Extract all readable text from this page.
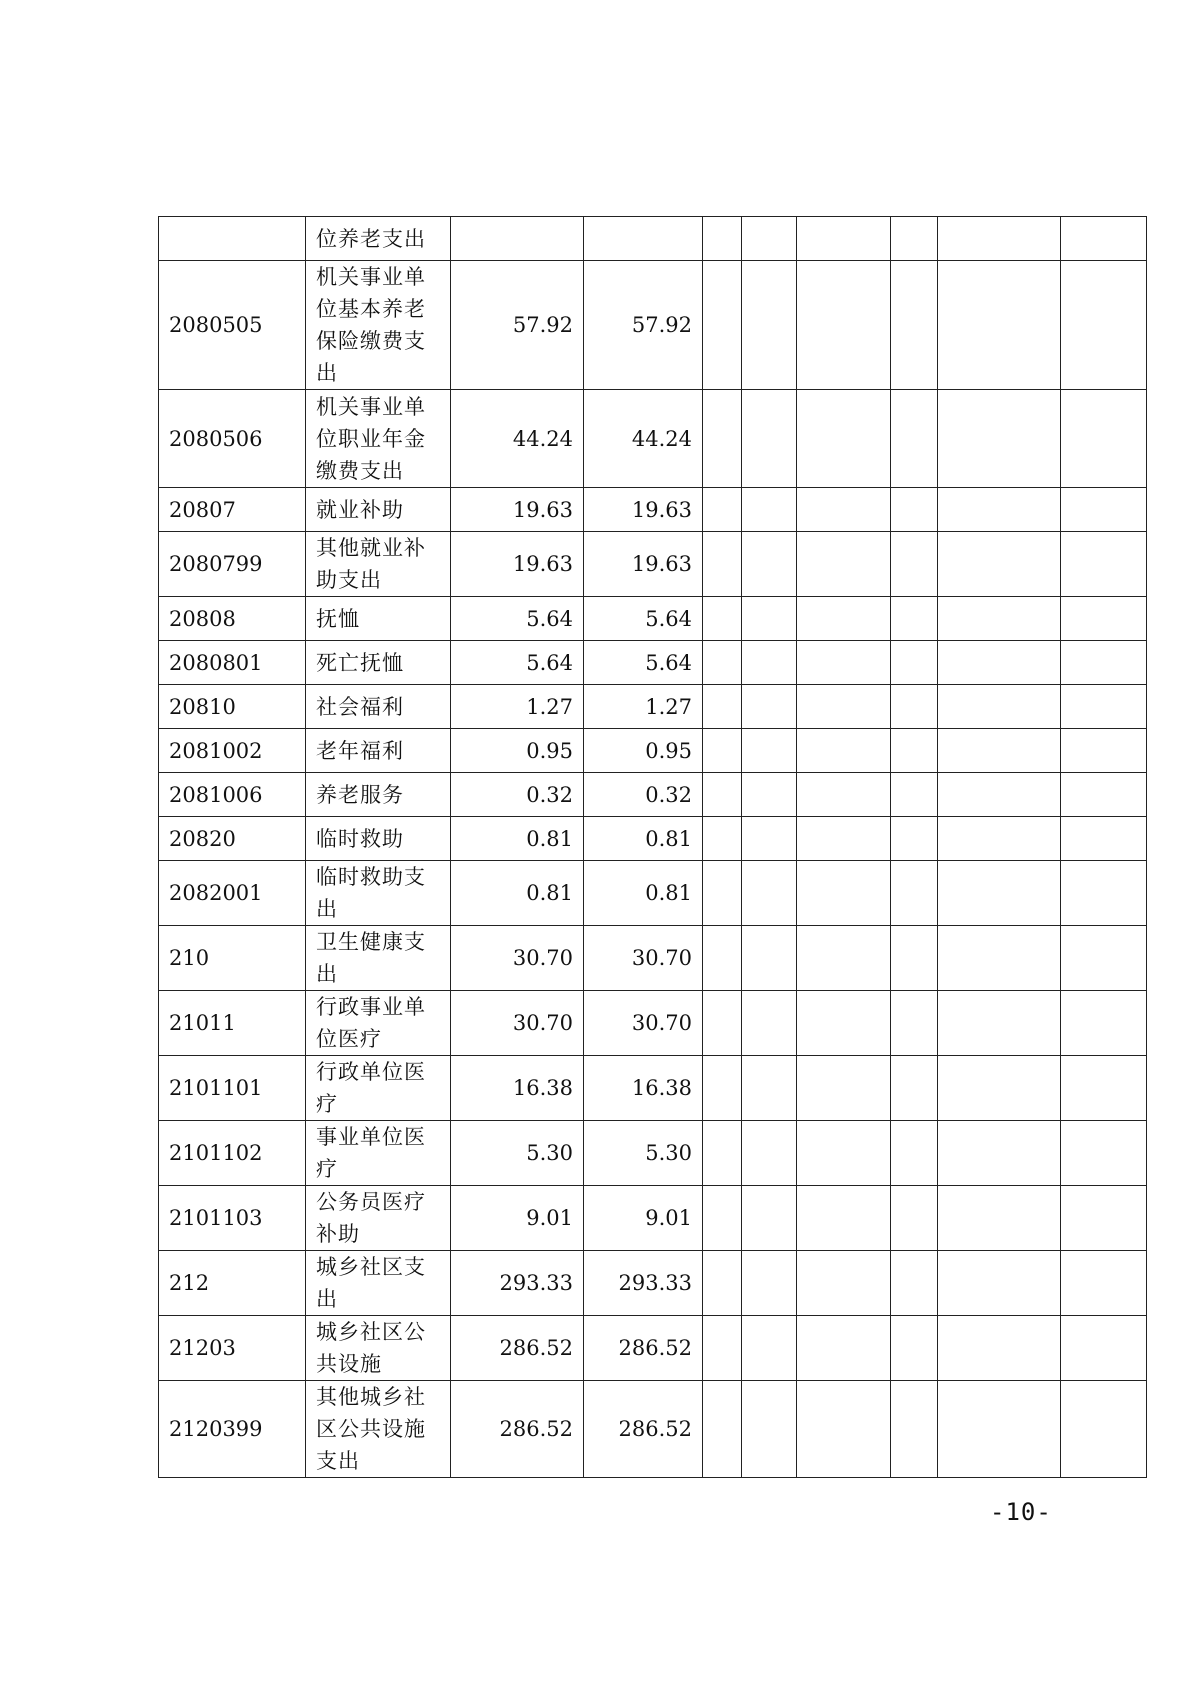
	位养老支出								
2080505	机关事业单位基本养老保险缴费支出	57.92	57.92						
2080506	机关事业单位职业年金缴费支出	44.24	44.24						
20807	就业补助	19.63	19.63						
2080799	其他就业补助支出	19.63	19.63						
20808	抚恤	5.64	5.64						
2080801	死亡抚恤	5.64	5.64						
20810	社会福利	1.27	1.27						
2081002	老年福利	0.95	0.95						
2081006	养老服务	0.32	0.32						
20820	临时救助	0.81	0.81						
2082001	临时救助支出	0.81	0.81						
210	卫生健康支出	30.70	30.70						
21011	行政事业单位医疗	30.70	30.70						
2101101	行政单位医疗	16.38	16.38						
2101102	事业单位医疗	5.30	5.30						
2101103	公务员医疗补助	9.01	9.01						
212	城乡社区支出	293.33	293.33						
21203	城乡社区公共设施	286.52	286.52						
2120399	其他城乡社区公共设施支出	286.52	286.52						
-10-
